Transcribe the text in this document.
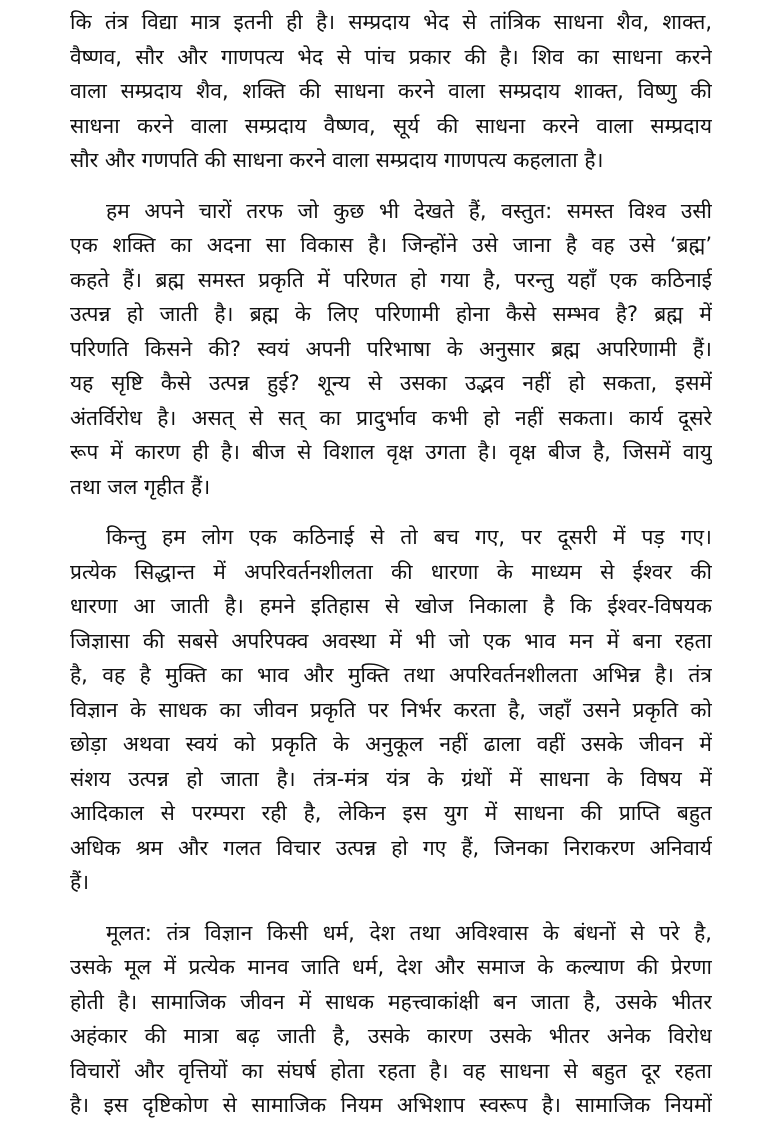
कि तंत्र विद्या मात्र इतनी ही है। सम्प्रदाय भेद से तांत्रिक साधना शैव, शाक्त,
वैष्णव, सौर और गाणपत्य भेद से पांच प्रकार की है। शिव का साधना करने
वाला सम्प्रदाय शैव, शक्ति की साधना करने वाला सम्प्रदाय शाक्त, विष्णु की
साधना करने वाला सम्प्रदाय वैष्णव, सूर्य की साधना करने वाला सम्प्रदाय
सौर और गणपति की साधना करने वाला सम्प्रदाय गाणपत्य कहलाता है।
हम अपने चारों तरफ जो कुछ भी देखते हैं, वस्तुत: समस्त विश्व उसी
एक शक्ति का अदना सा विकास है। जिन्होंने उसे जाना है वह उसे ‘ब्रह्म’
कहते हैं। ब्रह्म समस्त प्रकृति में परिणत हो गया है, परन्तु यहाँ एक कठिनाई
उत्पन्न हो जाती है। ब्रह्म के लिए परिणामी होना कैसे सम्भव है? ब्रह्म में
परिणति किसने की? स्वयं अपनी परिभाषा के अनुसार ब्रह्म अपरिणामी हैं।
यह सृष्टि कैसे उत्पन्न हुई? शून्य से उसका उद्भव नहीं हो सकता, इसमें
अंतर्विरोध है। असत् से सत् का प्रादुर्भाव कभी हो नहीं सकता। कार्य दूसरे
रूप में कारण ही है। बीज से विशाल वृक्ष उगता है। वृक्ष बीज है, जिसमें वायु
तथा जल गृहीत हैं।
किन्तु हम लोग एक कठिनाई से तो बच गए, पर दूसरी में पड़ गए।
प्रत्येक सिद्धान्त में अपरिवर्तनशीलता की धारणा के माध्यम से ईश्वर की
धारणा आ जाती है। हमने इतिहास से खोज निकाला है कि ईश्वर-विषयक
जिज्ञासा की सबसे अपरिपक्व अवस्था में भी जो एक भाव मन में बना रहता
है, वह है मुक्ति का भाव और मुक्ति तथा अपरिवर्तनशीलता अभिन्न है। तंत्र
विज्ञान के साधक का जीवन प्रकृति पर निर्भर करता है, जहाँ उसने प्रकृति को
छोड़ा अथवा स्वयं को प्रकृति के अनुकूल नहीं ढाला वहीं उसके जीवन में
संशय उत्पन्न हो जाता है। तंत्र-मंत्र यंत्र के ग्रंथों में साधना के विषय में
आदिकाल से परम्परा रही है, लेकिन इस युग में साधना की प्राप्ति बहुत
अधिक श्रम और गलत विचार उत्पन्न हो गए हैं, जिनका निराकरण अनिवार्य
हैं।
मूलत: तंत्र विज्ञान किसी धर्म, देश तथा अविश्वास के बंधनों से परे है,
उसके मूल में प्रत्येक मानव जाति धर्म, देश और समाज के कल्याण की प्रेरणा
होती है। सामाजिक जीवन में साधक महत्त्वाकांक्षी बन जाता है, उसके भीतर
अहंकार की मात्रा बढ़ जाती है, उसके कारण उसके भीतर अनेक विरोध
विचारों और वृत्तियों का संघर्ष होता रहता है। वह साधना से बहुत दूर रहता
है। इस दृष्टिकोण से सामाजिक नियम अभिशाप स्वरूप है। सामाजिक नियमों
